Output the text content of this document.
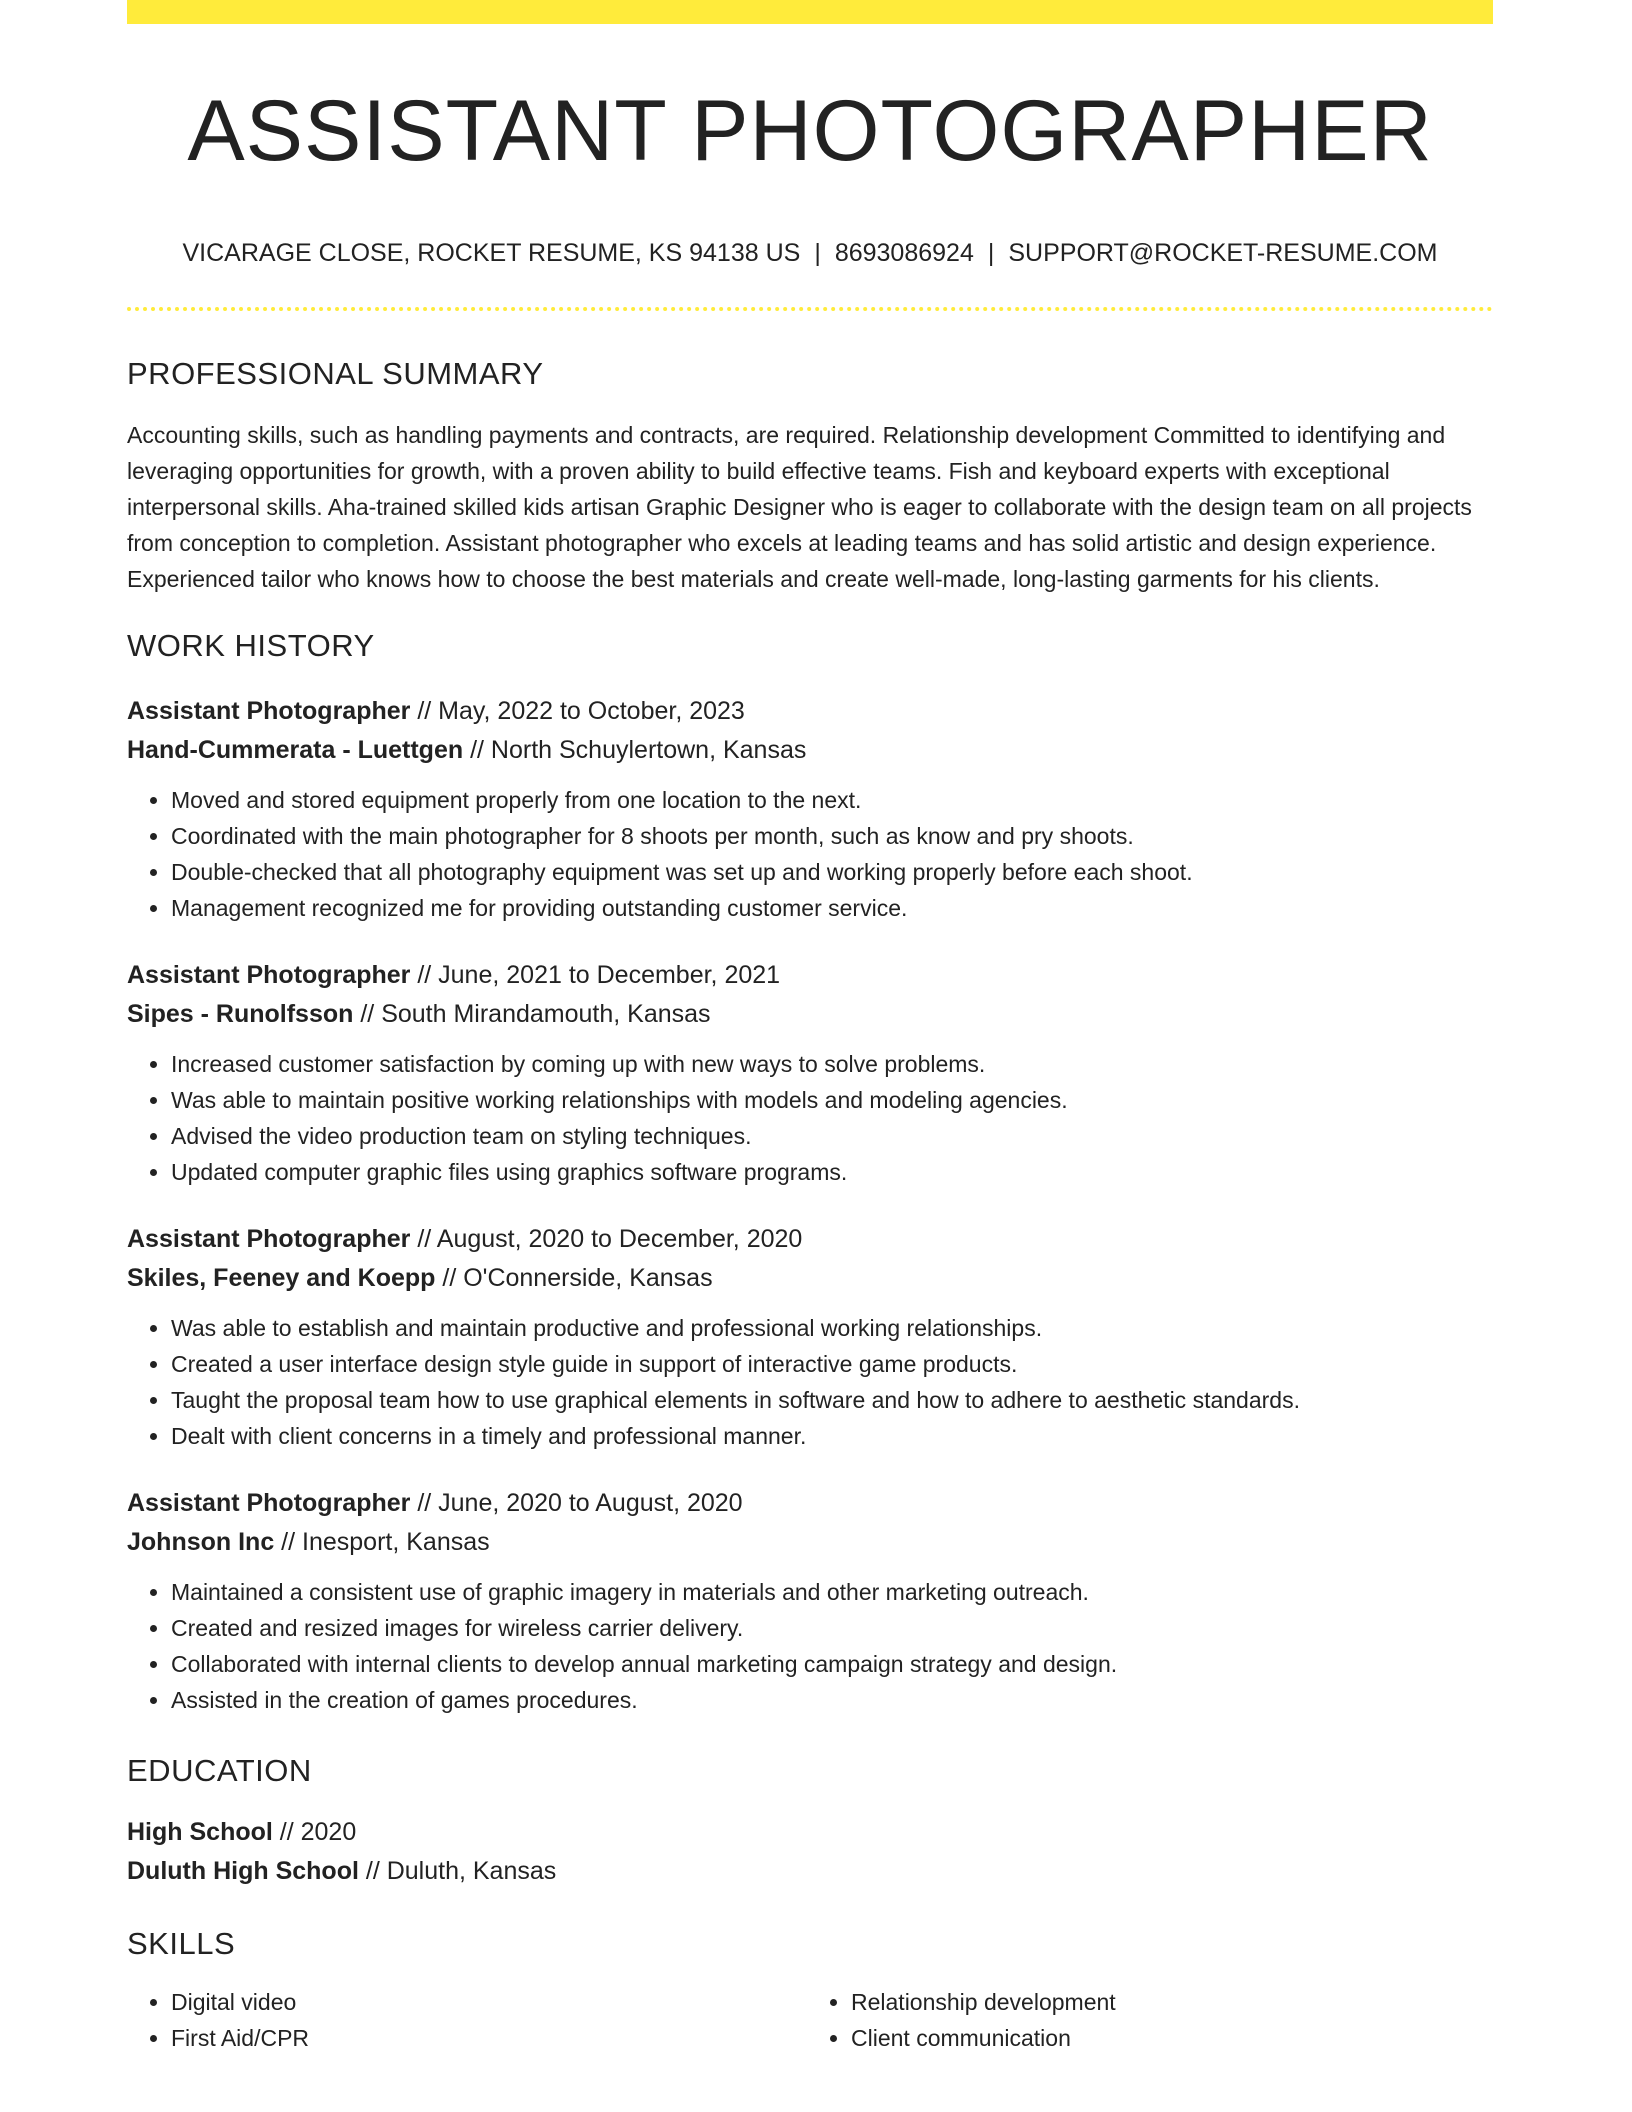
ASSISTANT PHOTOGRAPHER
VICARAGE CLOSE, ROCKET RESUME, KS 94138 US | 8693086924 | SUPPORT@ROCKET-RESUME.COM
PROFESSIONAL SUMMARY

Accounting skills, such as handling payments and contracts, are required. Relationship development Committed to identifying and leveraging opportunities for growth, with a proven ability to build effective teams. Fish and keyboard experts with exceptional interpersonal skills. Aha-trained skilled kids artisan Graphic Designer who is eager to collaborate with the design team on all projects from conception to completion. Assistant photographer who excels at leading teams and has solid artistic and design experience. Experienced tailor who knows how to choose the best materials and create well-made, long-lasting garments for his clients.

WORK HISTORY
Assistant Photographer // May, 2022 to October, 2023
Hand-Cummerata - Luettgen // North Schuylertown, Kansas
• Moved and stored equipment properly from one location to the next.
• Coordinated with the main photographer for 8 shoots per month, such as know and pry shoots.
• Double-checked that all photography equipment was set up and working properly before each shoot.
• Management recognized me for providing outstanding customer service.
Assistant Photographer // June, 2021 to December, 2021
Sipes - Runolfsson // South Mirandamouth, Kansas
• Increased customer satisfaction by coming up with new ways to solve problems.
• Was able to maintain positive working relationships with models and modeling agencies.
• Advised the video production team on styling techniques.
• Updated computer graphic files using graphics software programs.
Assistant Photographer // August, 2020 to December, 2020
Skiles, Feeney and Koepp // O'Connerside, Kansas
• Was able to establish and maintain productive and professional working relationships.
• Created a user interface design style guide in support of interactive game products.
• Taught the proposal team how to use graphical elements in software and how to adhere to aesthetic standards.
• Dealt with client concerns in a timely and professional manner.
Assistant Photographer // June, 2020 to August, 2020
Johnson Inc // Inesport, Kansas
• Maintained a consistent use of graphic imagery in materials and other marketing outreach.
• Created and resized images for wireless carrier delivery.
• Collaborated with internal clients to develop annual marketing campaign strategy and design.
• Assisted in the creation of games procedures.
EDUCATION
High School // 2020
Duluth High School // Duluth, Kansas
SKILLS
• Digital video
• First Aid/CPR
• Relationship development
• Client communication
